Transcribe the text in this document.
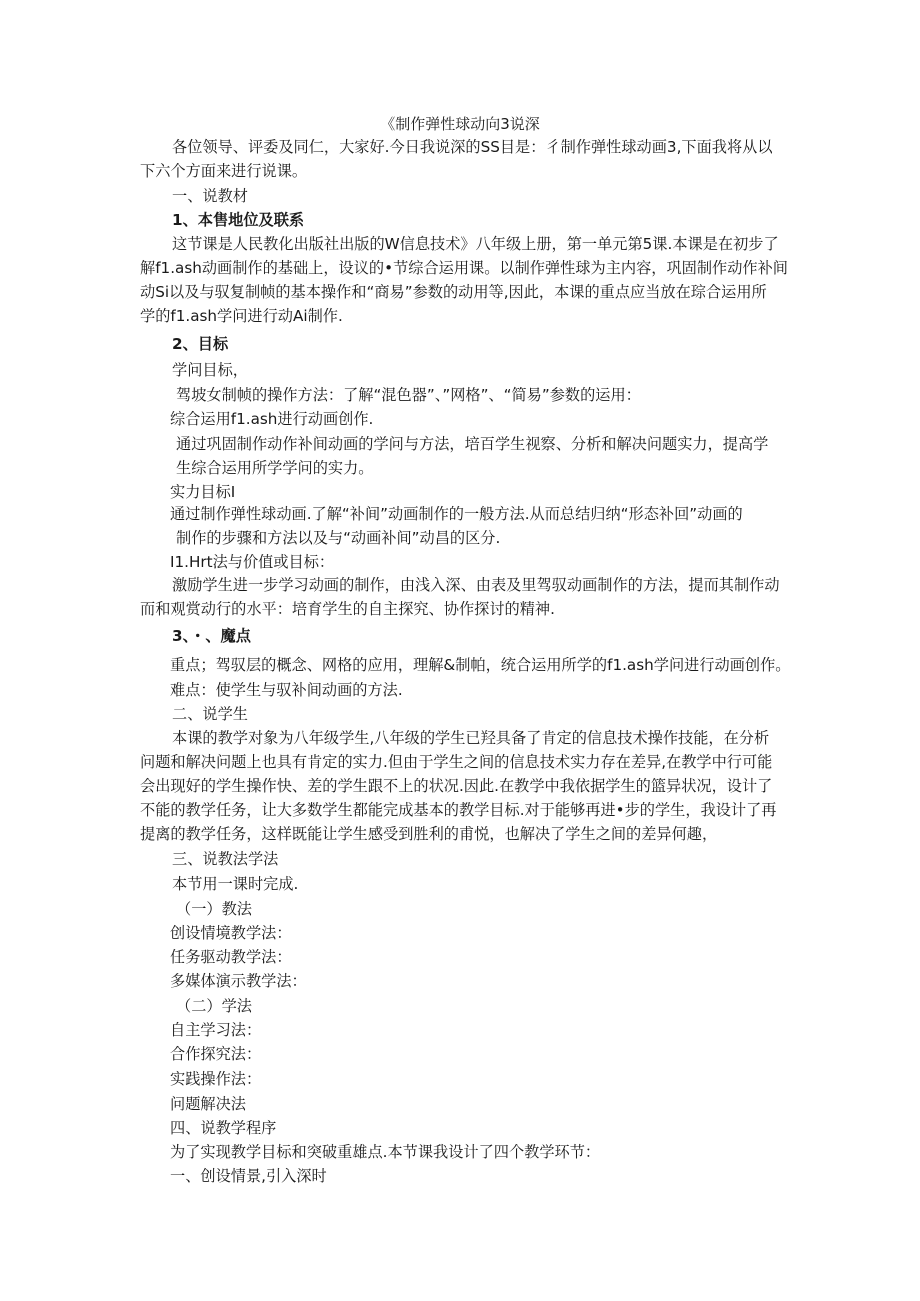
《制作弹性球动向3说深
各位领导、评委及同仁，大家好.今日我说深的SS目是：彳制作弹性球动画3,下面我将从以
下六个方面来进行说课。
一、说教材
1、本售地位及联系
这节课是人民教化出版社出版的W信息技术》八年级上册，第一单元第5课.本课是在初步了
解f1.ash动画制作的基础上，设议的•节综合运用课。以制作弹性球为主内容，巩固制作动作补间
动Si以及与驭复制帧的基本操作和“商易”参数的动用等,因此，本课的重点应当放在琮合运用所
学的f1.ash学问进行动Ai制作.
2、目标
学问目标，
驾坡女制帧的操作方法：了解“混色器”、”网格”、“简易”参数的运用：
综合运用f1.ash进行动画创作.
通过巩固制作动作补间动画的学问与方法，培百学生视察、分析和解决问题实力，提高学
生综合运用所学学问的实力。
实力目标I
通过制作弹性球动画.了解“补间”动画制作的一般方法.从而总结归纳“形态补回”动画的
制作的步骤和方法以及与“动画补间”动昌的区分.
I1.Hrt法与价值或目标：
激励学生进一步学习动画的制作，由浅入深、由表及里驾驭动画制作的方法，提而其制作动
而和观赏动行的水平：培育学生的自主探究、协作探讨的精神.
3、・、魔点
重点；驾驭层的概念、网格的应用，理解&制帕，统合运用所学的f1.ash学问进行动画创作。
难点：使学生与驭补间动画的方法.
二、说学生
本课的教学对象为八年级学生,八年级的学生已羟具备了肯定的信息技术操作技能，在分析
问题和解决问题上也具有肯定的实力.但由于学生之间的信息技术实力存在差异,在教学中行可能
会出现好的学生操作快、差的学生跟不上的状况.因此.在教学中我依据学生的篮异状况，设计了
不能的教学任务，让大多数学生都能完成基本的教学目标.对于能够再进•步的学生，我设计了再
提离的教学任务，这样既能让学生感受到胜利的甫悦，也解决了学生之间的差异何趣，
三、说教法学法
本节用一课时完成.
（一）教法
创设情境教学法：
任务驱动教学法：
多媒体演示教学法：
（二）学法
自主学习法：
合作探究法：
实践操作法：
问题解决法
四、说教学程序
为了实现教学目标和突破重雄点.本节课我设计了四个教学环节：
一、创设情景,引入深时
